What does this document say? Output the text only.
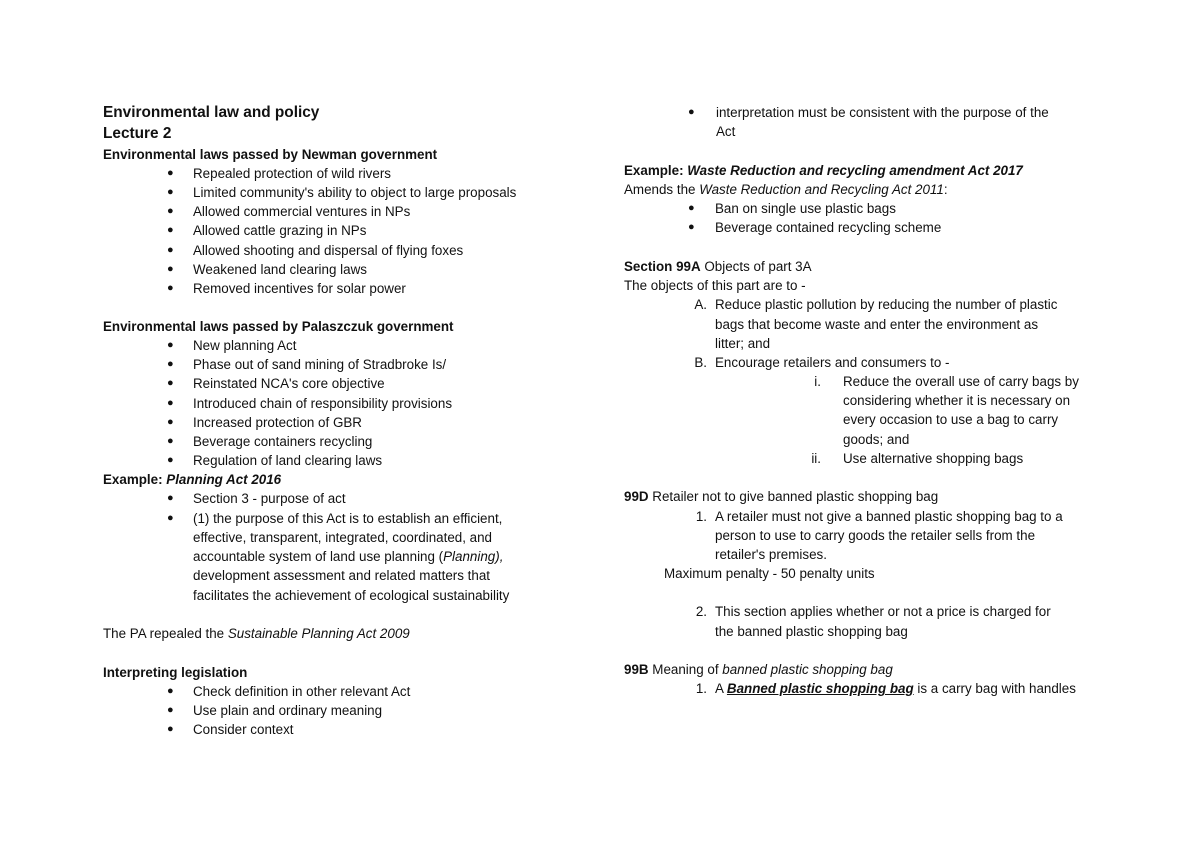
Environmental law and policy
Lecture 2
Environmental laws passed by Newman government
● Repealed protection of wild rivers
● Limited community's ability to object to large proposals
● Allowed commercial ventures in NPs
● Allowed cattle grazing in NPs
● Allowed shooting and dispersal of flying foxes
● Weakened land clearing laws
● Removed incentives for solar power
Environmental laws passed by Palaszczuk government
● New planning Act
● Phase out of sand mining of Stradbroke Is/
● Reinstated NCA's core objective
● Introduced chain of responsibility provisions
● Increased protection of GBR
● Beverage containers recycling
● Regulation of land clearing laws
Example: Planning Act 2016
● Section 3 - purpose of act
● (1) the purpose of this Act is to establish an efficient,
effective, transparent, integrated, coordinated, and
accountable system of land use planning (Planning),
development assessment and related matters that
facilitates the achievement of ecological sustainability
The PA repealed the Sustainable Planning Act 2009
Interpreting legislation
● Check definition in other relevant Act
● Use plain and ordinary meaning
● Consider context
● interpretation must be consistent with the purpose of the
Act
Example: Waste Reduction and recycling amendment Act 2017
Amends the Waste Reduction and Recycling Act 2011:
● Ban on single use plastic bags
● Beverage contained recycling scheme
Section 99A Objects of part 3A
The objects of this part are to -
A. Reduce plastic pollution by reducing the number of plastic
bags that become waste and enter the environment as
litter; and
B. Encourage retailers and consumers to -
i. Reduce the overall use of carry bags by
considering whether it is necessary on
every occasion to use a bag to carry
goods; and
ii. Use alternative shopping bags
99D Retailer not to give banned plastic shopping bag
1. A retailer must not give a banned plastic shopping bag to a
person to use to carry goods the retailer sells from the
retailer's premises.
Maximum penalty - 50 penalty units
2. This section applies whether or not a price is charged for
the banned plastic shopping bag
99B Meaning of banned plastic shopping bag
1. A Banned plastic shopping bag is a carry bag with handles
